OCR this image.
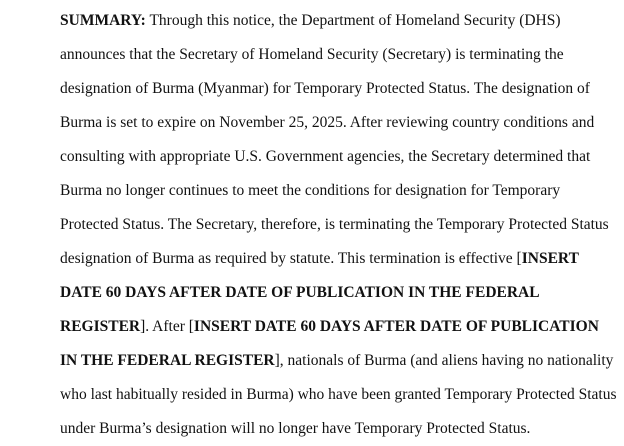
SUMMARY: Through this notice, the Department of Homeland Security (DHS)
announces that the Secretary of Homeland Security (Secretary) is terminating the
designation of Burma (Myanmar) for Temporary Protected Status. The designation of
Burma is set to expire on November 25, 2025. After reviewing country conditions and
consulting with appropriate U.S. Government agencies, the Secretary determined that
Burma no longer continues to meet the conditions for designation for Temporary
Protected Status. The Secretary, therefore, is terminating the Temporary Protected Status
designation of Burma as required by statute. This termination is effective [INSERT
DATE 60 DAYS AFTER DATE OF PUBLICATION IN THE FEDERAL
REGISTER]. After [INSERT DATE 60 DAYS AFTER DATE OF PUBLICATION
IN THE FEDERAL REGISTER], nationals of Burma (and aliens having no nationality
who last habitually resided in Burma) who have been granted Temporary Protected Status
under Burma’s designation will no longer have Temporary Protected Status.
